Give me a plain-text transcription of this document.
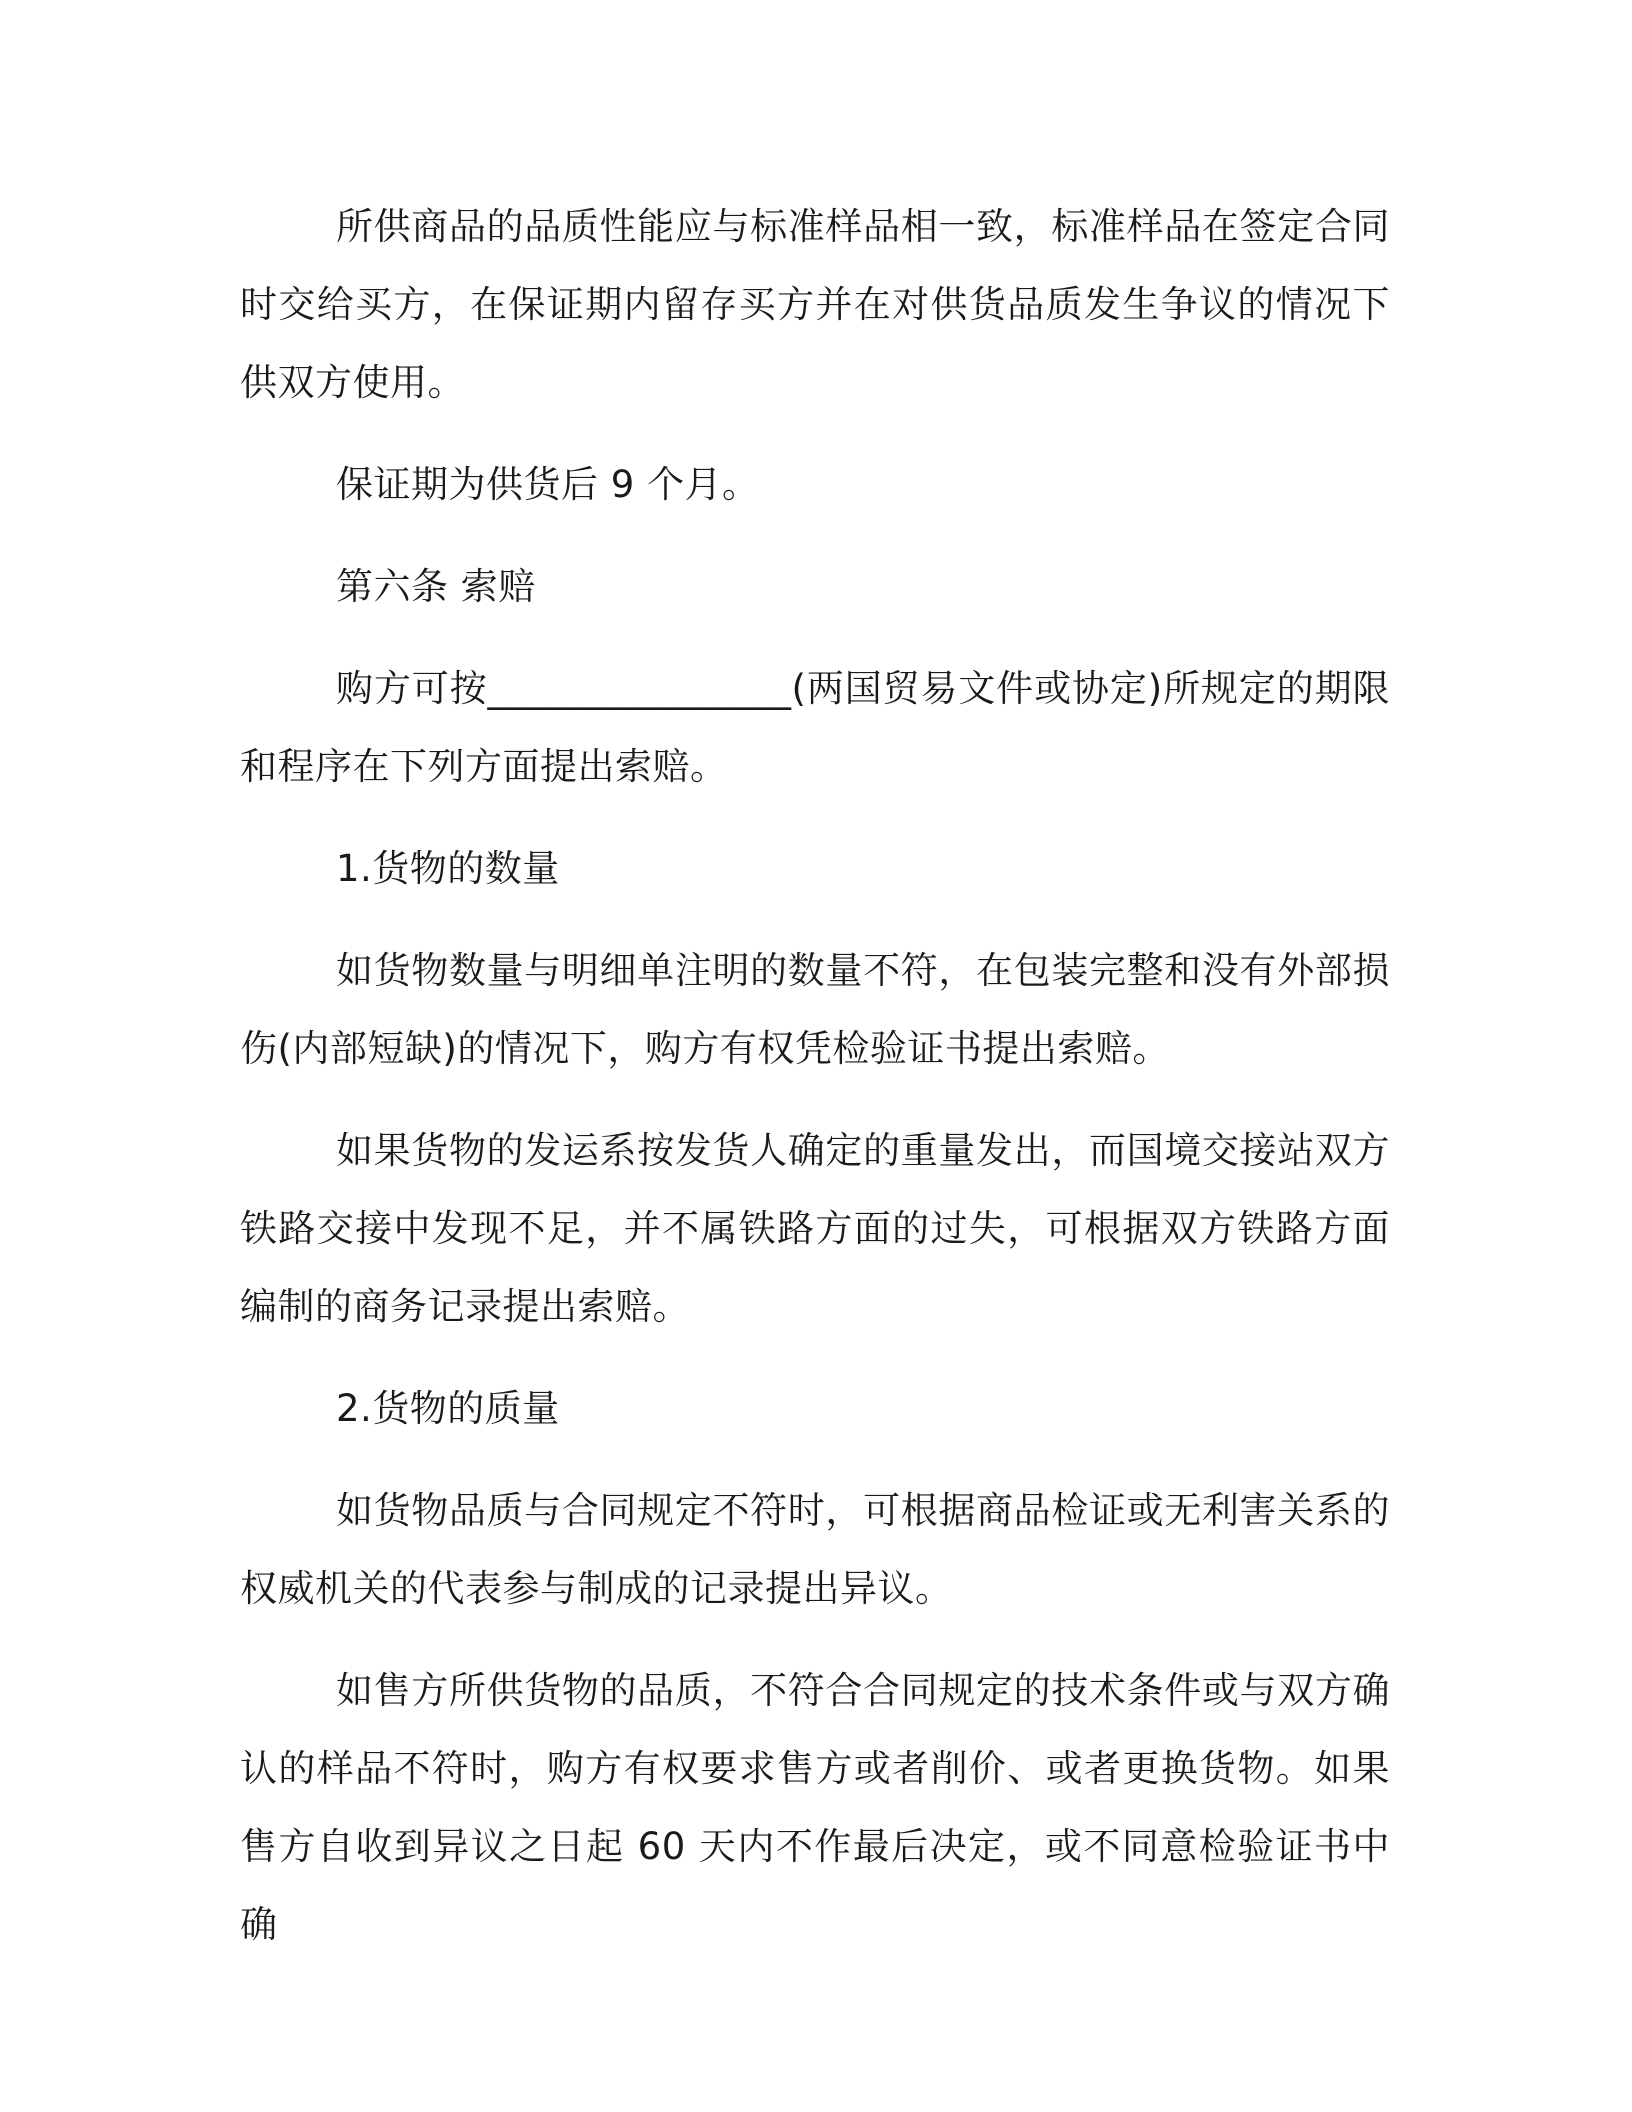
所供商品的品质性能应与标准样品相一致，标准样品在签定合同时交给买方，在保证期内留存买方并在对供货品质发生争议的情况下供双方使用。

保证期为供货后 9 个月。

第六条 索赔

购方可按________________(两国贸易文件或协定)所规定的期限和程序在下列方面提出索赔。

1.货物的数量

如货物数量与明细单注明的数量不符，在包装完整和没有外部损伤(内部短缺)的情况下，购方有权凭检验证书提出索赔。

如果货物的发运系按发货人确定的重量发出，而国境交接站双方铁路交接中发现不足，并不属铁路方面的过失，可根据双方铁路方面编制的商务记录提出索赔。

2.货物的质量

如货物品质与合同规定不符时，可根据商品检证或无利害关系的权威机关的代表参与制成的记录提出异议。

如售方所供货物的品质，不符合合同规定的技术条件或与双方确认的样品不符时，购方有权要求售方或者削价、或者更换货物。如果售方自收到异议之日起 60 天内不作最后决定，或不同意检验证书中确
